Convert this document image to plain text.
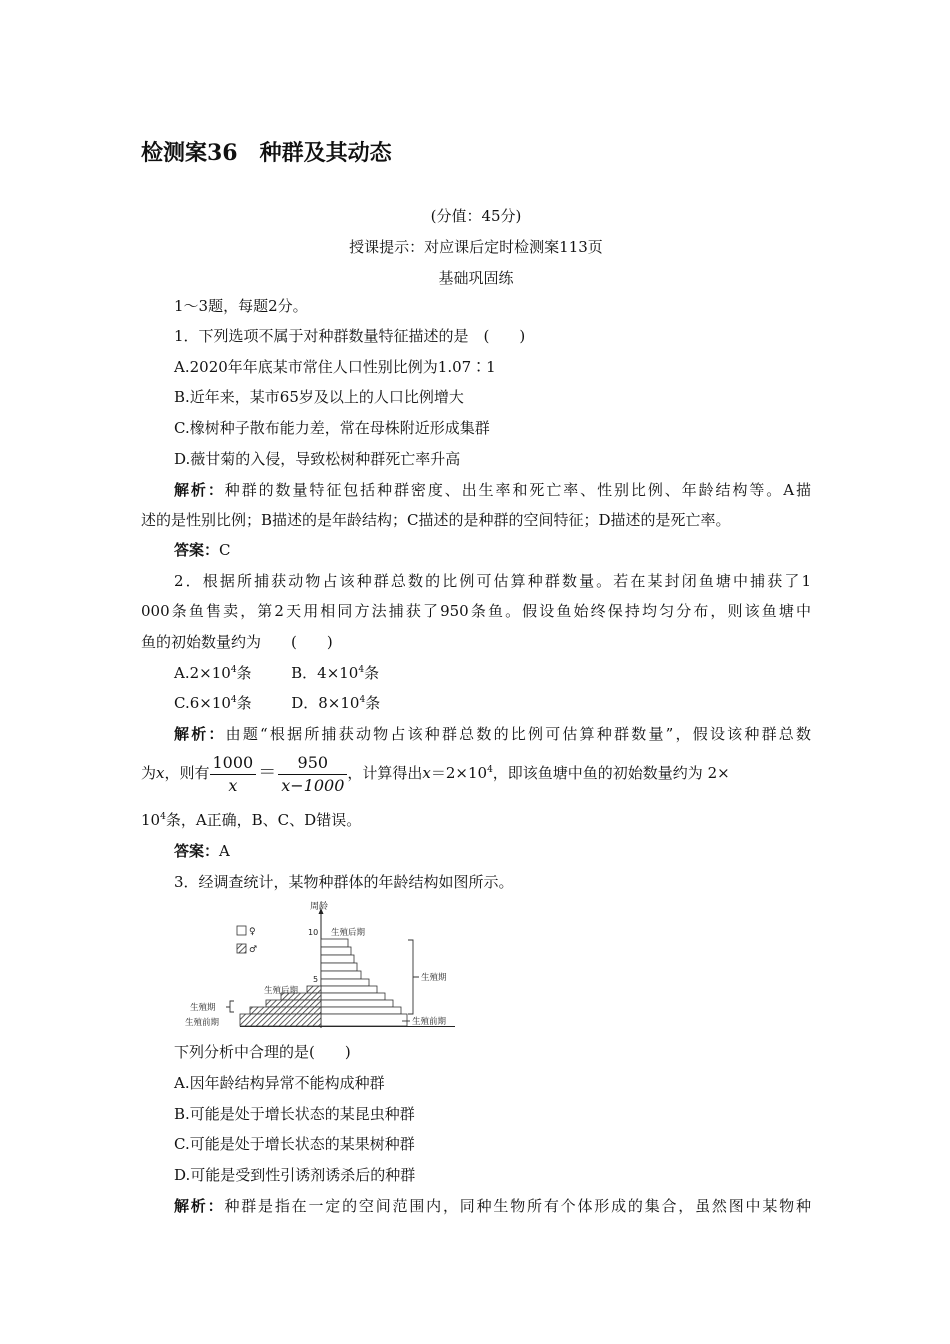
检测案36　种群及其动态
(分值：45分)
授课提示：对应课后定时检测案113页
基础巩固练
1～3题，每题2分。
1．下列选项不属于对种群数量特征描述的是　(　　)
A.2020年年底某市常住人口性别比例为1.07∶1
B.近年来，某市65岁及以上的人口比例增大
C.橡树种子散布能力差，常在母株附近形成集群
D.薇甘菊的入侵，导致松树种群死亡率升高
解析：种群的数量特征包括种群密度、出生率和死亡率、性别比例、年龄结构等。A描
述的是性别比例；B描述的是年龄结构；C描述的是种群的空间特征；D描述的是死亡率。
答案：C
2．根据所捕获动物占该种群总数的比例可估算种群数量。若在某封闭鱼塘中捕获了1
000条鱼售卖，第2天用相同方法捕获了950条鱼。假设鱼始终保持均匀分布，则该鱼塘中
鱼的初始数量约为　　(　　)
$A.2\times 10^4$条	B．$4\times 10^4$条
$C.6\times 10^4$条	D．$8\times 10^4$条
解析：由题“根据所捕获动物占该种群总数的比例可估算种群数量”，假设该种群总数
为x，则有 $\frac{1000}{x} = \frac{950}{x-1000}$ ，计算得出$x=2\times 10^4$，即该鱼塘中鱼的初始数量约为 2×
$10^4$条，A正确，B、C、D错误。
答案：A
3．经调查统计，某物种群体的年龄结构如图所示。
周龄
10
5
♀
♂
生殖后期
生殖后期
生殖期
生殖前期
生殖期
生殖前期
下列分析中合理的是(　　)
A.因年龄结构异常不能构成种群
B.可能是处于增长状态的某昆虫种群
C.可能是处于增长状态的某果树种群
D.可能是受到性引诱剂诱杀后的种群
解析：种群是指在一定的空间范围内，同种生物所有个体形成的集合，虽然图中某物种
